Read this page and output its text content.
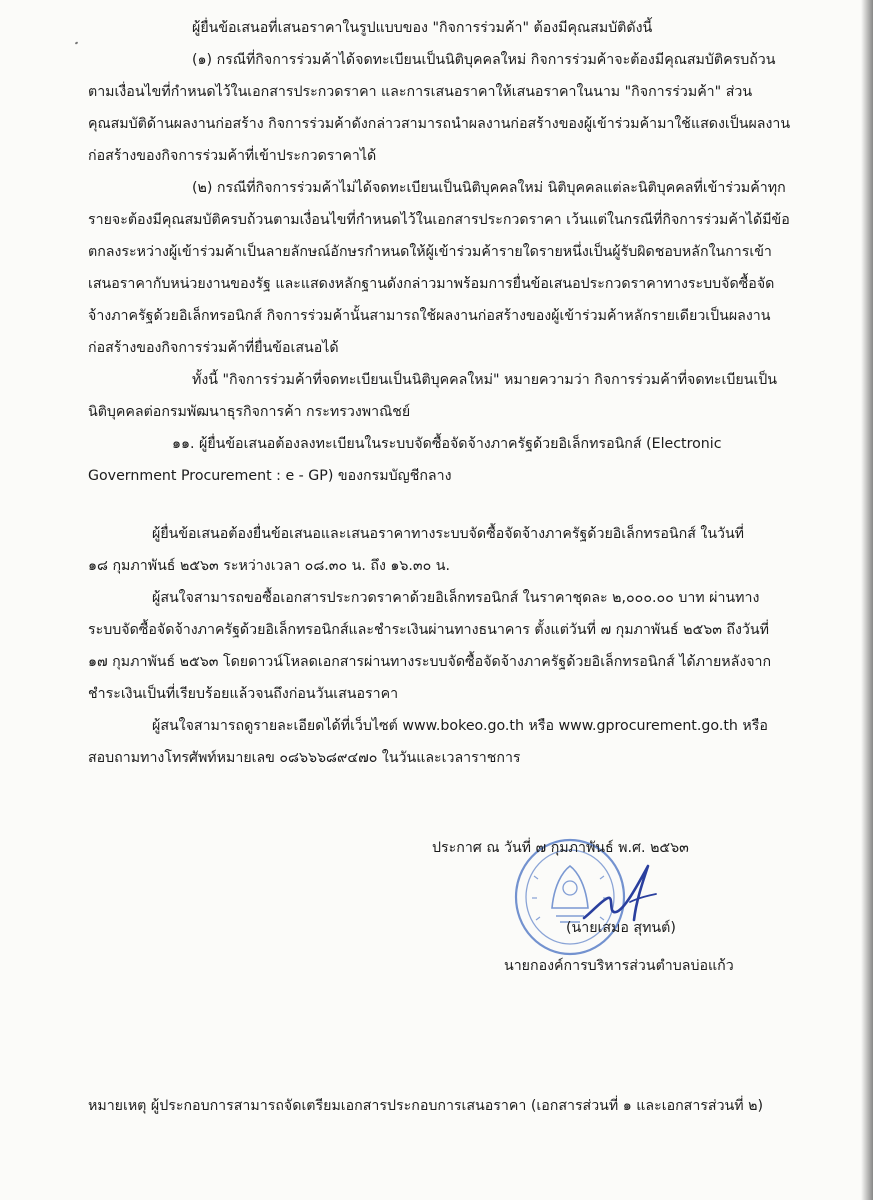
ผู้ยื่นข้อเสนอที่เสนอราคาในรูปแบบของ "กิจการร่วมค้า" ต้องมีคุณสมบัติดังนี้
(๑) กรณีที่กิจการร่วมค้าได้จดทะเบียนเป็นนิติบุคคลใหม่ กิจการร่วมค้าจะต้องมีคุณสมบัติครบถ้วน
ตามเงื่อนไขที่กำหนดไว้ในเอกสารประกวดราคา และการเสนอราคาให้เสนอราคาในนาม "กิจการร่วมค้า" ส่วน
คุณสมบัติด้านผลงานก่อสร้าง กิจการร่วมค้าดังกล่าวสามารถนำผลงานก่อสร้างของผู้เข้าร่วมค้ามาใช้แสดงเป็นผลงาน
ก่อสร้างของกิจการร่วมค้าที่เข้าประกวดราคาได้
(๒) กรณีที่กิจการร่วมค้าไม่ได้จดทะเบียนเป็นนิติบุคคลใหม่ นิติบุคคลแต่ละนิติบุคคลที่เข้าร่วมค้าทุก
รายจะต้องมีคุณสมบัติครบถ้วนตามเงื่อนไขที่กำหนดไว้ในเอกสารประกวดราคา เว้นแต่ในกรณีที่กิจการร่วมค้าได้มีข้อ
ตกลงระหว่างผู้เข้าร่วมค้าเป็นลายลักษณ์อักษรกำหนดให้ผู้เข้าร่วมค้ารายใดรายหนึ่งเป็นผู้รับผิดชอบหลักในการเข้า
เสนอราคากับหน่วยงานของรัฐ และแสดงหลักฐานดังกล่าวมาพร้อมการยื่นข้อเสนอประกวดราคาทางระบบจัดซื้อจัด
จ้างภาครัฐด้วยอิเล็กทรอนิกส์ กิจการร่วมค้านั้นสามารถใช้ผลงานก่อสร้างของผู้เข้าร่วมค้าหลักรายเดียวเป็นผลงาน
ก่อสร้างของกิจการร่วมค้าที่ยื่นข้อเสนอได้
ทั้งนี้ "กิจการร่วมค้าที่จดทะเบียนเป็นนิติบุคคลใหม่" หมายความว่า กิจการร่วมค้าที่จดทะเบียนเป็น
นิติบุคคลต่อกรมพัฒนาธุรกิจการค้า กระทรวงพาณิชย์
๑๑. ผู้ยื่นข้อเสนอต้องลงทะเบียนในระบบจัดซื้อจัดจ้างภาครัฐด้วยอิเล็กทรอนิกส์ (Electronic
Government Procurement : e - GP) ของกรมบัญชีกลาง
ผู้ยื่นข้อเสนอต้องยื่นข้อเสนอและเสนอราคาทางระบบจัดซื้อจัดจ้างภาครัฐด้วยอิเล็กทรอนิกส์ ในวันที่
๑๘ กุมภาพันธ์ ๒๕๖๓ ระหว่างเวลา ๐๘.๓๐ น. ถึง ๑๖.๓๐ น.
ผู้สนใจสามารถขอซื้อเอกสารประกวดราคาด้วยอิเล็กทรอนิกส์ ในราคาชุดละ ๒,๐๐๐.๐๐ บาท ผ่านทาง
ระบบจัดซื้อจัดจ้างภาครัฐด้วยอิเล็กทรอนิกส์และชำระเงินผ่านทางธนาคาร ตั้งแต่วันที่ ๗ กุมภาพันธ์ ๒๕๖๓ ถึงวันที่
๑๗ กุมภาพันธ์ ๒๕๖๓ โดยดาวน์โหลดเอกสารผ่านทางระบบจัดซื้อจัดจ้างภาครัฐด้วยอิเล็กทรอนิกส์ ได้ภายหลังจาก
ชำระเงินเป็นที่เรียบร้อยแล้วจนถึงก่อนวันเสนอราคา
ผู้สนใจสามารถดูรายละเอียดได้ที่เว็บไซต์ www.bokeo.go.th หรือ www.gprocurement.go.th หรือ
สอบถามทางโทรศัพท์หมายเลข ๐๘๖๖๖๘๙๔๗๐ ในวันและเวลาราชการ
ประกาศ ณ วันที่ ๗ กุมภาพันธ์ พ.ศ. ๒๕๖๓
(นายเสมอ สุทนต์)
นายกองค์การบริหารส่วนตำบลบ่อแก้ว
หมายเหตุ ผู้ประกอบการสามารถจัดเตรียมเอกสารประกอบการเสนอราคา (เอกสารส่วนที่ ๑ และเอกสารส่วนที่ ๒)
